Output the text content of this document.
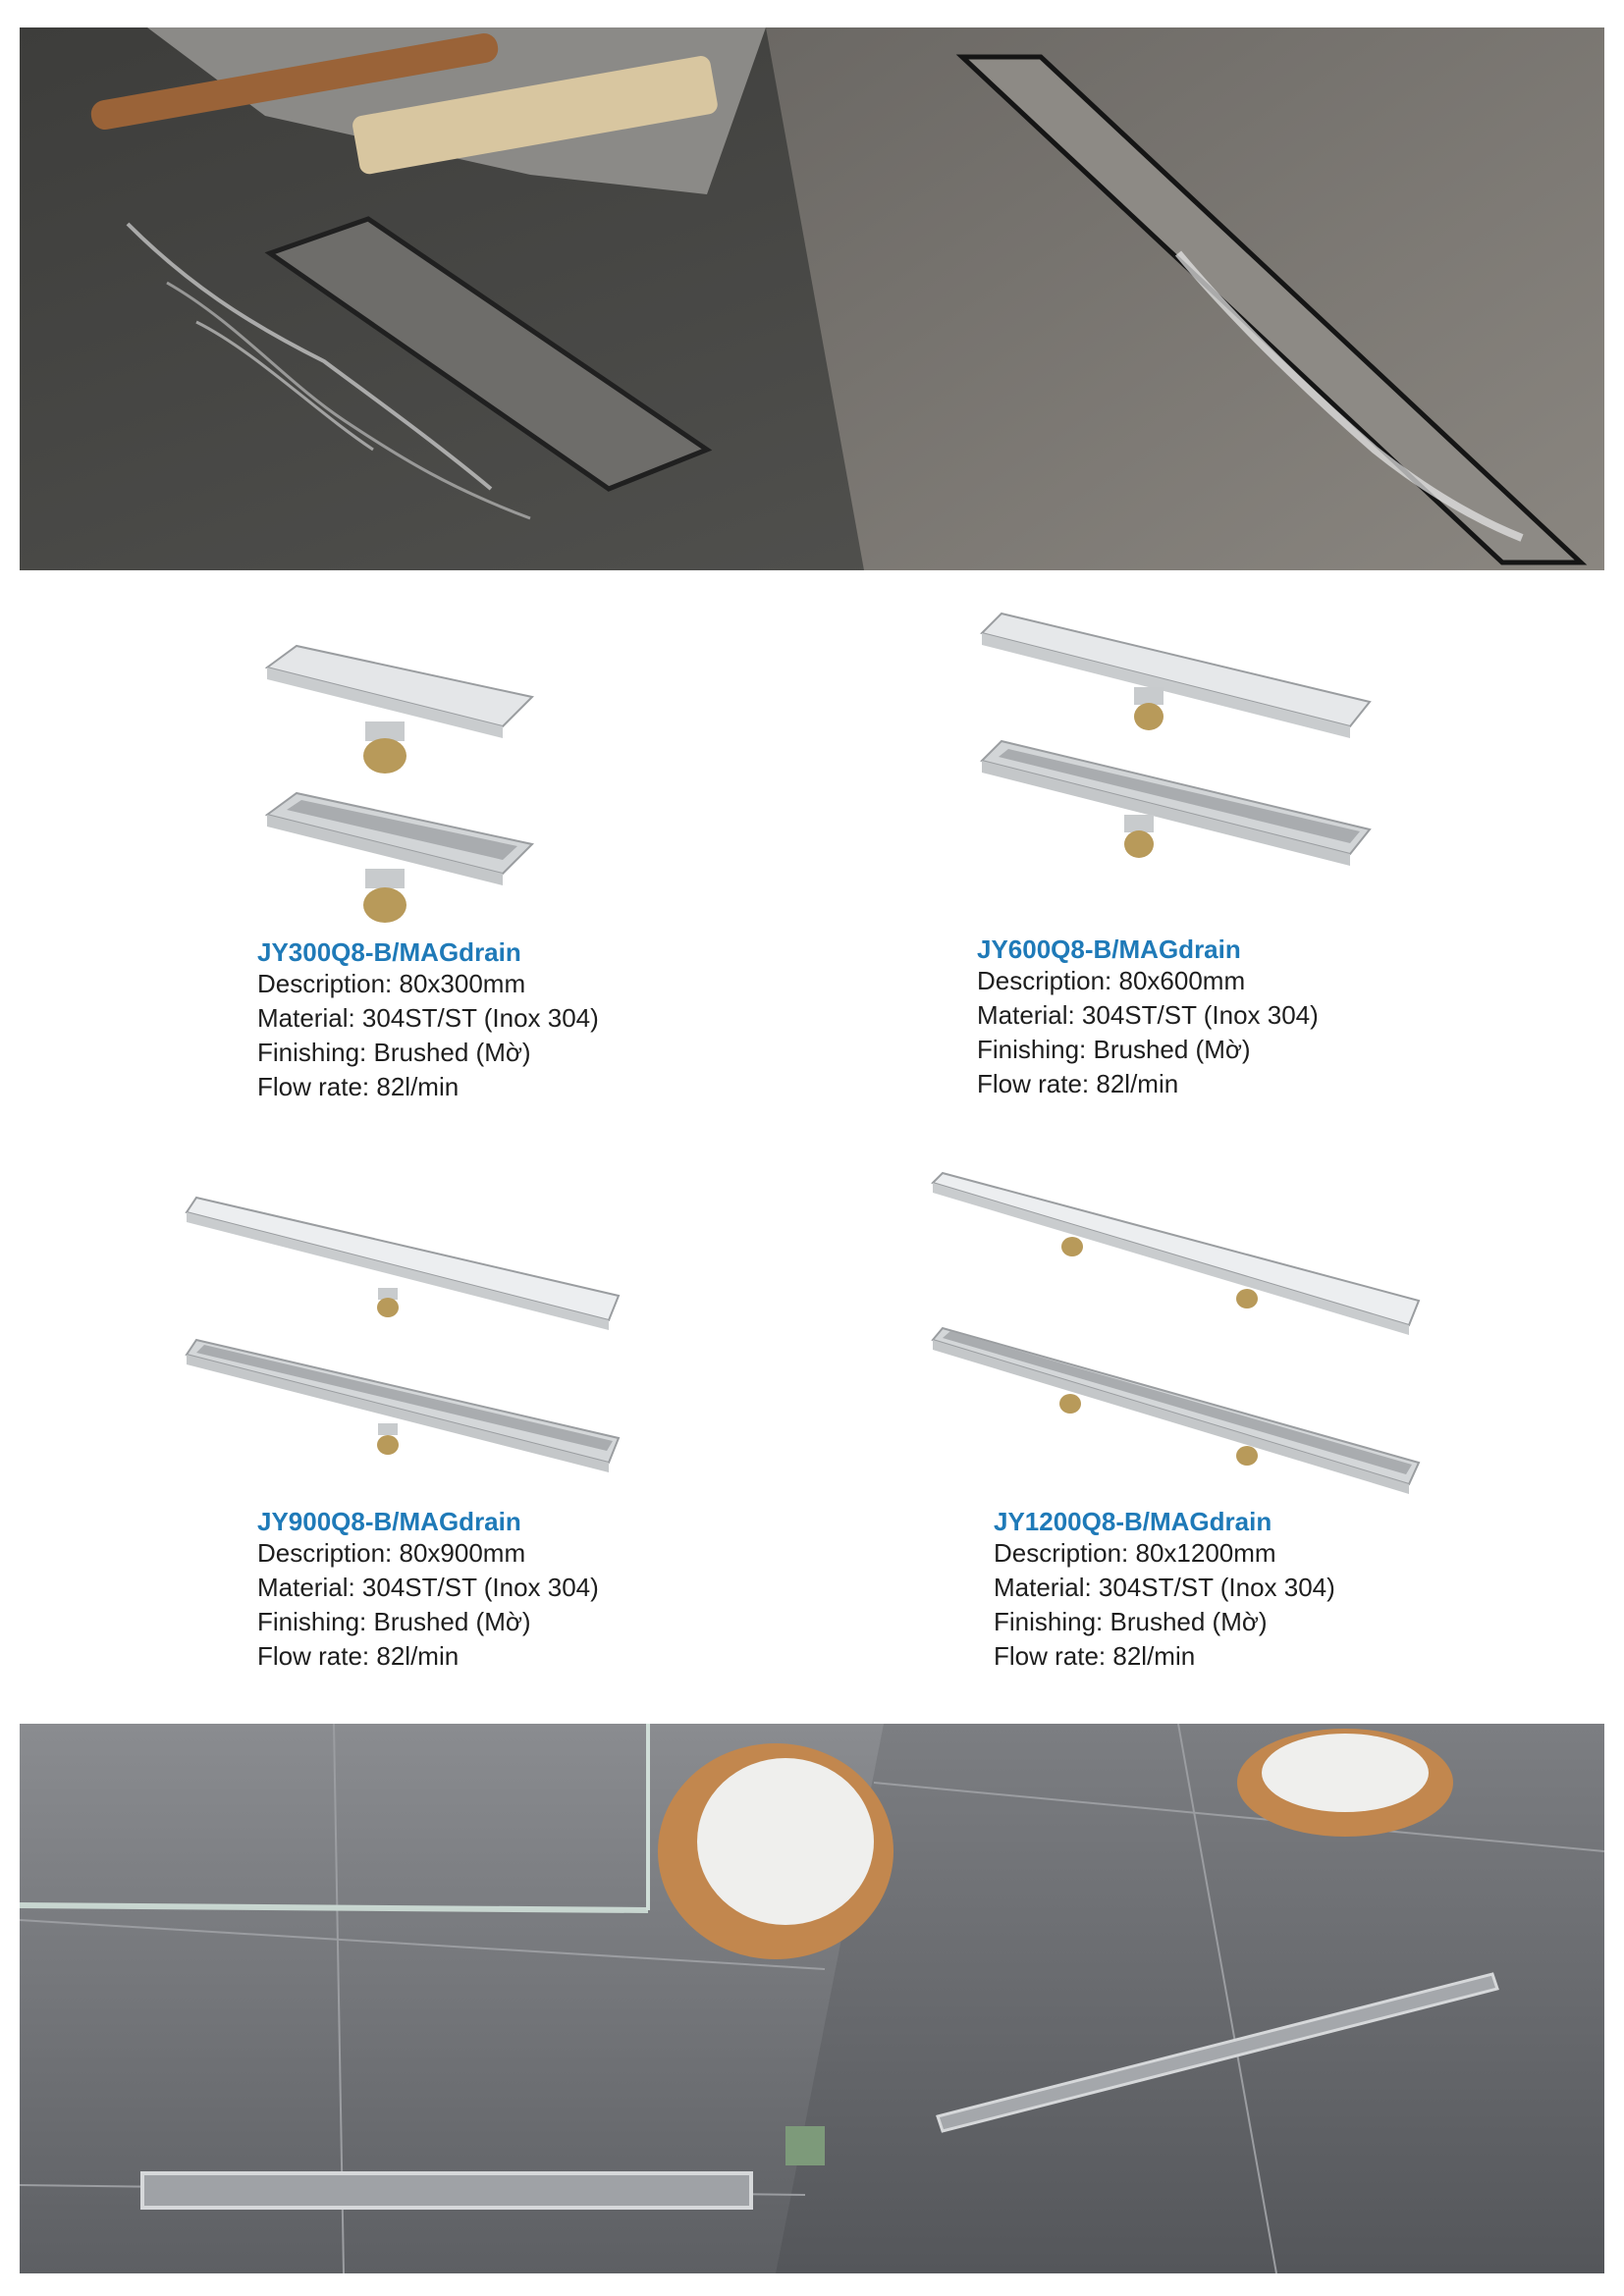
JY300Q8-B/MAGdrain

Description: 80x300mm

Material: 304ST/ST (Inox 304)

Finishing: Brushed (Mờ)

Flow rate: 82l/min

JY600Q8-B/MAGdrain

Description: 80x600mm

Material: 304ST/ST (Inox 304)

Finishing: Brushed (Mờ)

Flow rate: 82l/min

JY900Q8-B/MAGdrain

Description: 80x900mm

Material: 304ST/ST (Inox 304)

Finishing: Brushed (Mờ)

Flow rate: 82l/min

JY1200Q8-B/MAGdrain

Description: 80x1200mm

Material: 304ST/ST (Inox 304)

Finishing: Brushed (Mờ)

Flow rate: 82l/min
